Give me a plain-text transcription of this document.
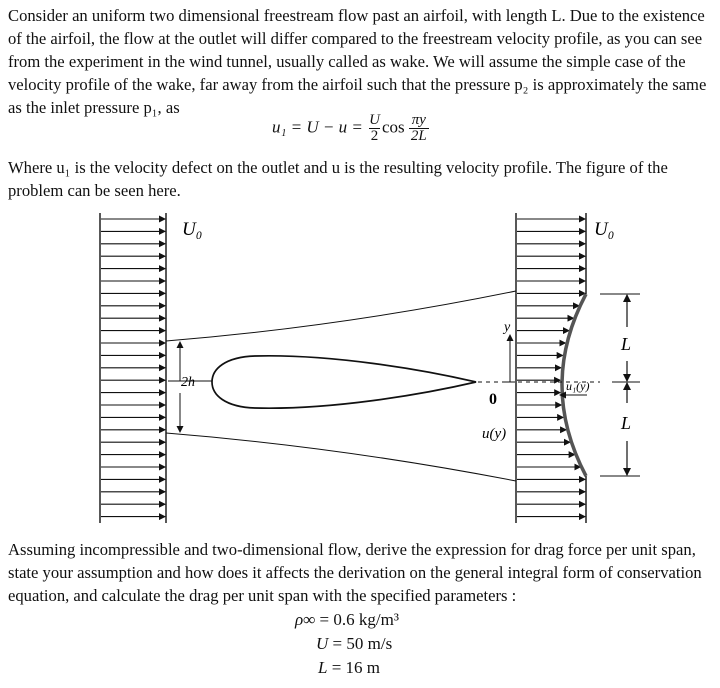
Consider an uniform two dimensional freestream flow past an airfoil, with length L. Due to the existence of the airfoil, the flow at the outlet will differ compared to the freestream velocity profile, as you can see from the experiment in the wind tunnel, usually called as wake. We will assume the simple case of the velocity profile of the wake, far away from the airfoil such that the pressure p₂ is approximately the same as the inlet pressure p₁, as

$u_1 = U - u = \frac{U}{2}$ $\cos \frac{\pi y}{2L}$

Where u₁ is the velocity defect on the outlet and u is the resulting velocity profile. The figure of the problem can be seen here.

U₀	U₀
2h
y
0
u(y)
u₁(y)
L
L

Assuming incompressible and two-dimensional flow, derive the expression for drag force per unit span, state your assumption and how does it affects the derivation on the general integral form of conservation equation, and calculate the drag per unit span with the specified parameters :

ρ∞ = 0.6 kg/m³
U = 50 m/s
L = 16 m
